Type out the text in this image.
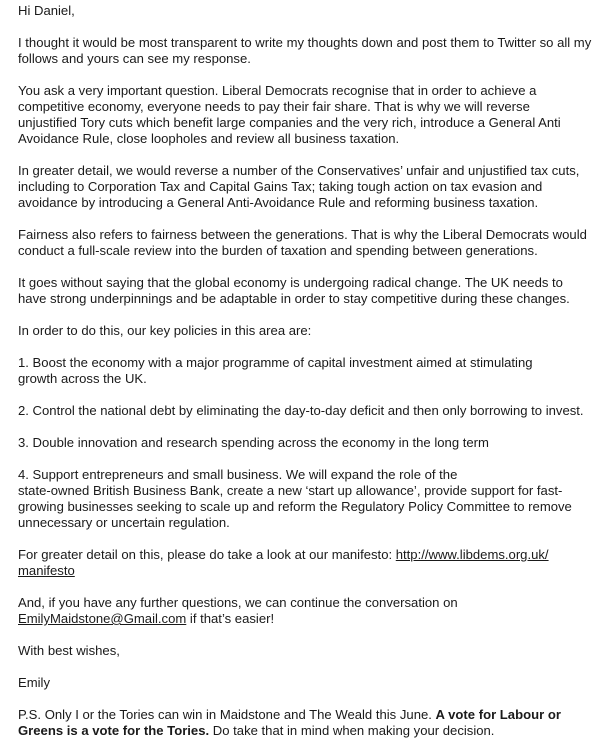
Hi Daniel,
I thought it would be most transparent to write my thoughts down and post them to Twitter so all my
follows and yours can see my response.
You ask a very important question. Liberal Democrats recognise that in order to achieve a
competitive economy, everyone needs to pay their fair share. That is why we will reverse
unjustified Tory cuts which benefit large companies and the very rich, introduce a General Anti
Avoidance Rule, close loopholes and review all business taxation.
In greater detail, we would reverse a number of the Conservatives’ unfair and unjustified tax cuts,
including to Corporation Tax and Capital Gains Tax; taking tough action on tax evasion and
avoidance by introducing a General Anti-Avoidance Rule and reforming business taxation.
Fairness also refers to fairness between the generations. That is why the Liberal Democrats would
conduct a full-scale review into the burden of taxation and spending between generations.
It goes without saying that the global economy is undergoing radical change. The UK needs to
have strong underpinnings and be adaptable in order to stay competitive during these changes.
In order to do this, our key policies in this area are:
1. Boost the economy with a major programme of capital investment aimed at stimulating
growth across the UK.
2. Control the national debt by eliminating the day-to-day deficit and then only borrowing to invest.
3. Double innovation and research spending across the economy in the long term
4. Support entrepreneurs and small business. We will expand the role of the
state-owned British Business Bank, create a new ‘start up allowance’, provide support for fast-
growing businesses seeking to scale up and reform the Regulatory Policy Committee to remove
unnecessary or uncertain regulation.
For greater detail on this, please do take a look at our manifesto: http://www.libdems.org.uk/
manifesto
And, if you have any further questions, we can continue the conversation on
EmilyMaidstone@Gmail.com if that’s easier!
With best wishes,
Emily
P.S. Only I or the Tories can win in Maidstone and The Weald this June. A vote for Labour or
Greens is a vote for the Tories. Do take that in mind when making your decision.
